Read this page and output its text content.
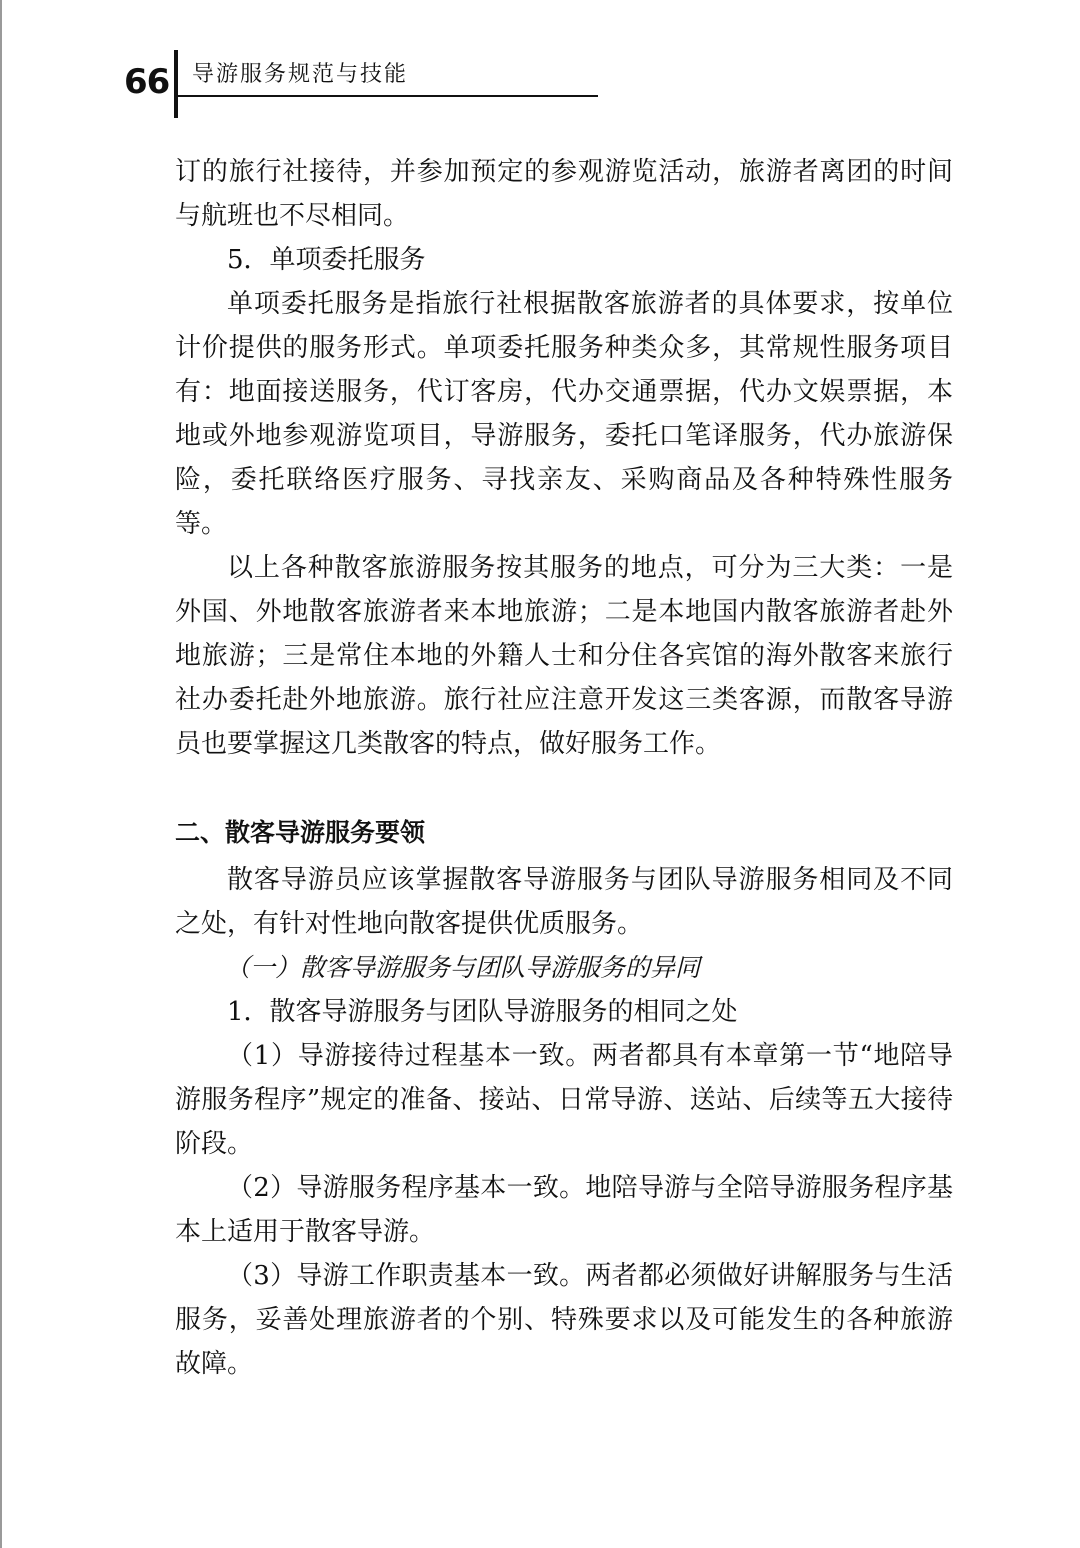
66 导游服务规范与技能

订的旅行社接待，并参加预定的参观游览活动，旅游者离团的时间与航班也不尽相同。

5．单项委托服务

单项委托服务是指旅行社根据散客旅游者的具体要求，按单位计价提供的服务形式。单项委托服务种类众多，其常规性服务项目有：地面接送服务，代订客房，代办交通票据，代办文娱票据，本地或外地参观游览项目，导游服务，委托口笔译服务，代办旅游保险，委托联络医疗服务、寻找亲友、采购商品及各种特殊性服务等。

以上各种散客旅游服务按其服务的地点，可分为三大类：一是外国、外地散客旅游者来本地旅游；二是本地国内散客旅游者赴外地旅游；三是常住本地的外籍人士和分住各宾馆的海外散客来旅行社办委托赴外地旅游。旅行社应注意开发这三类客源，而散客导游员也要掌握这几类散客的特点，做好服务工作。

二、散客导游服务要领

散客导游员应该掌握散客导游服务与团队导游服务相同及不同之处，有针对性地向散客提供优质服务。

（一）散客导游服务与团队导游服务的异同

1．散客导游服务与团队导游服务的相同之处

（1）导游接待过程基本一致。两者都具有本章第一节“地陪导游服务程序”规定的准备、接站、日常导游、送站、后续等五大接待阶段。

（2）导游服务程序基本一致。地陪导游与全陪导游服务程序基本上适用于散客导游。

（3）导游工作职责基本一致。两者都必须做好讲解服务与生活服务，妥善处理旅游者的个别、特殊要求以及可能发生的各种旅游故障。
